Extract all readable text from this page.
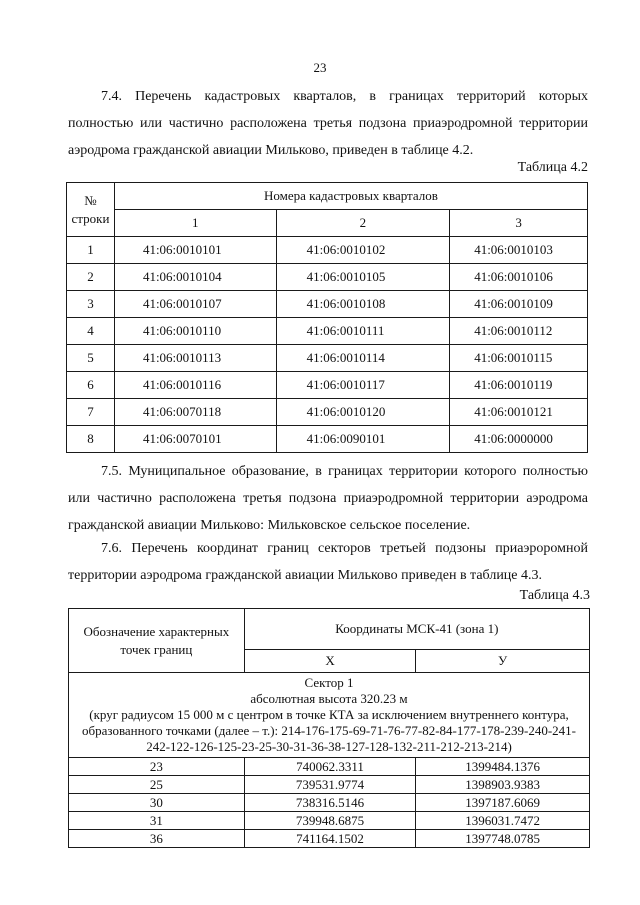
23

7.4. Перечень кадастровых кварталов, в границах территорий которых полностью или частично расположена третья подзона приаэродромной территории аэродрома гражданской авиации Мильково, приведен в таблице 4.2.

Таблица 4.2
№ строки	Номера кадастровых кварталов		
	1	2	3
1	41:06:0010101	41:06:0010102	41:06:0010103
2	41:06:0010104	41:06:0010105	41:06:0010106
3	41:06:0010107	41:06:0010108	41:06:0010109
4	41:06:0010110	41:06:0010111	41:06:0010112
5	41:06:0010113	41:06:0010114	41:06:0010115
6	41:06:0010116	41:06:0010117	41:06:0010119
7	41:06:0070118	41:06:0010120	41:06:0010121
8	41:06:0070101	41:06:0090101	41:06:0000000

7.5. Муниципальное образование, в границах территории которого полностью или частично расположена третья подзона приаэродромной территории аэродрома гражданской авиации Мильково: Мильковское сельское поселение.

7.6. Перечень координат границ секторов третьей подзоны приаэроромной территории аэродрома гражданской авиации Мильково приведен в таблице 4.3.

Таблица 4.3
Обозначение характерных точек границ	Координаты МСК-41 (зона 1)	
	X	У

Сектор 1
абсолютная высота 320.23 м
(круг радиусом 15 000 м с центром в точке КТА за исключением внутреннего контура, образованного точками (далее – т.): 214-176-175-69-71-76-77-82-84-177-178-239-240-241-242-122-126-125-23-25-30-31-36-38-127-128-132-211-212-213-214)		

23	740062.3311	1399484.1376
25	739531.9774	1398903.9383
30	738316.5146	1397187.6069
31	739948.6875	1396031.7472
36	741164.1502	1397748.0785
